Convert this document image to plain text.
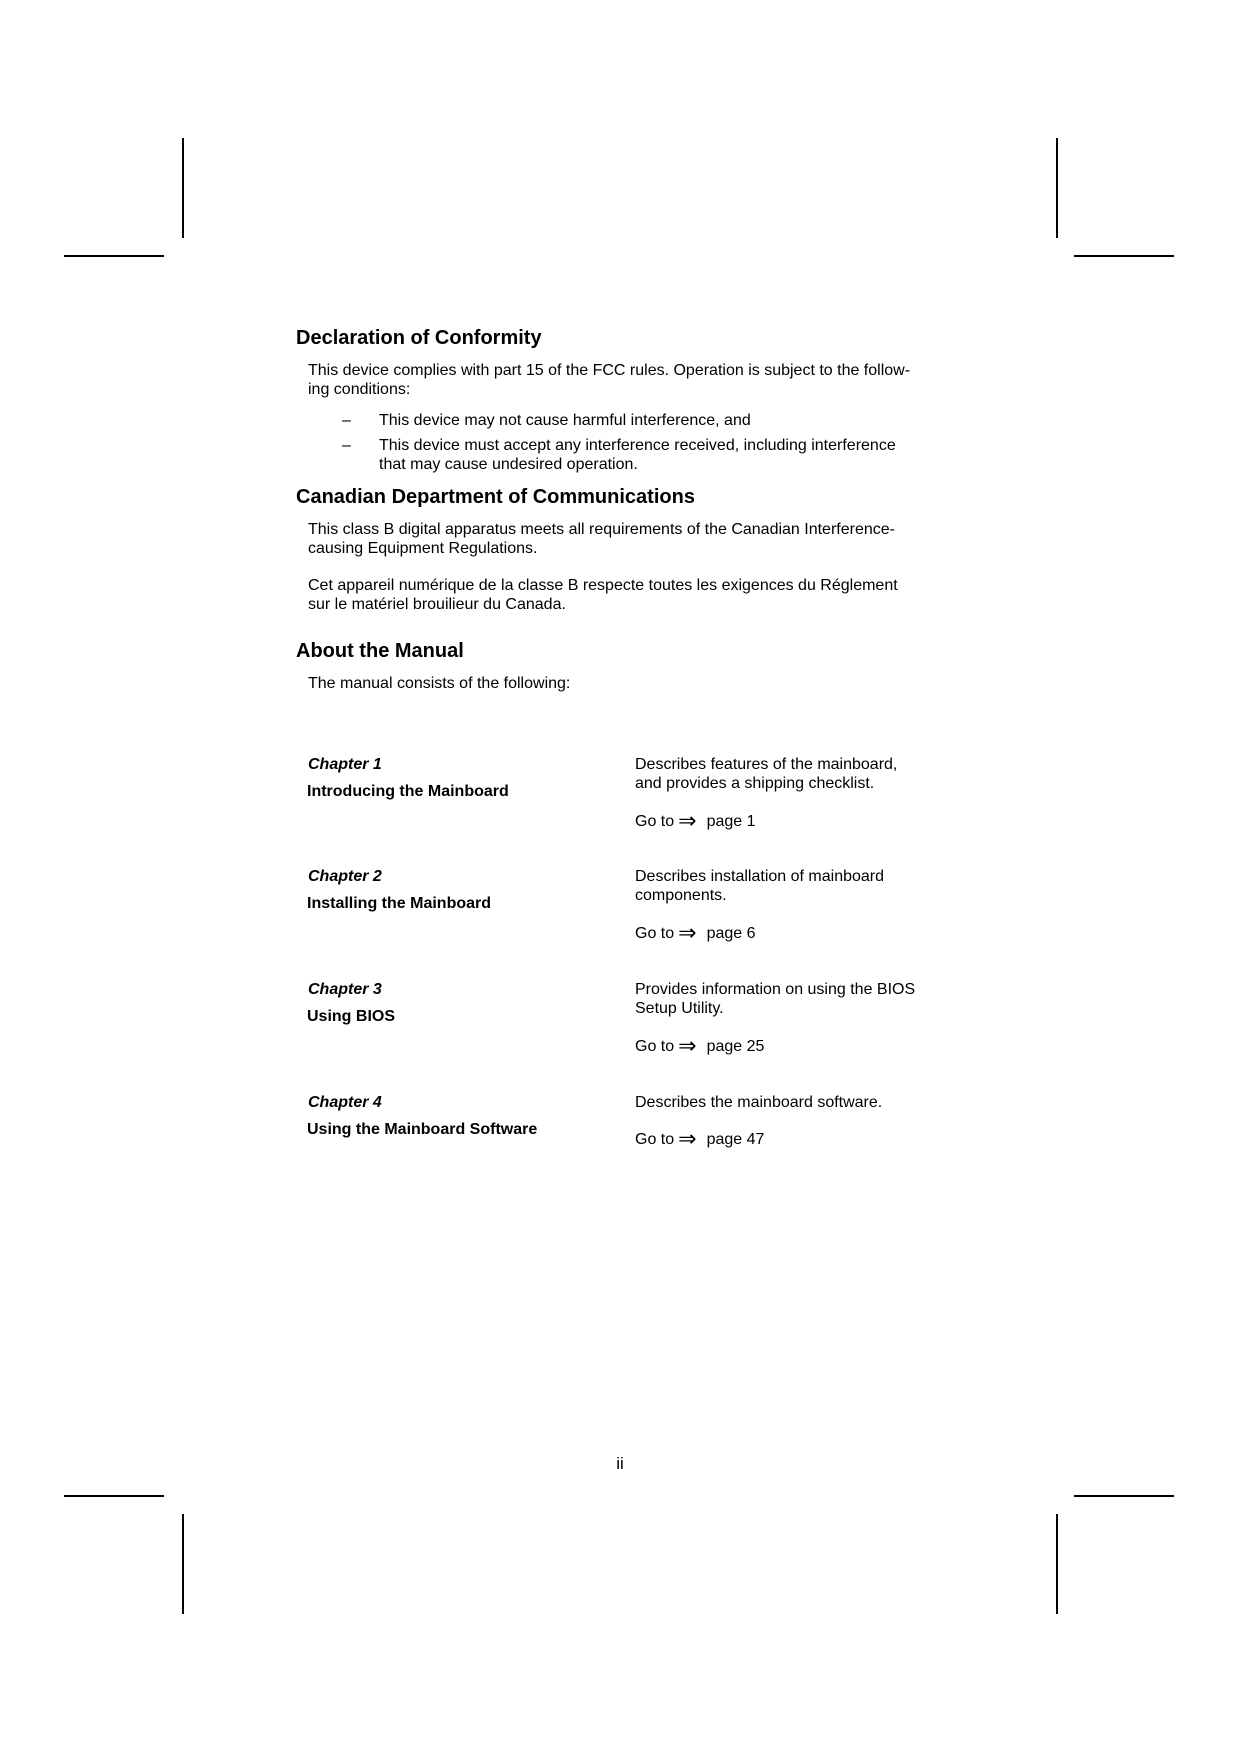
Declaration of Conformity

This device complies with part 15 of the FCC rules. Operation is subject to the follow-
ing conditions:

– This device may not cause harmful interference, and
– This device must accept any interference received, including interference
that may cause undesired operation.
Canadian Department of Communications

This class B digital apparatus meets all requirements of the Canadian Interference-
causing Equipment Regulations.

Cet appareil numérique de la classe B respecte toutes les exigences du Réglement
sur le matériel brouilieur du Canada.

About the Manual

The manual consists of the following:

Chapter 1
Introducing the Mainboard
Describes features of the mainboard,
and provides a shipping checklist.
Go to ⇒ page 1
Chapter 2
Installing the Mainboard
Describes installation of mainboard
components.
Go to ⇒ page 6
Chapter 3
Using BIOS
Provides information on using the BIOS
Setup Utility.
Go to ⇒ page 25
Chapter 4
Using the Mainboard Software
Describes the mainboard software.
Go to ⇒ page 47
ii
